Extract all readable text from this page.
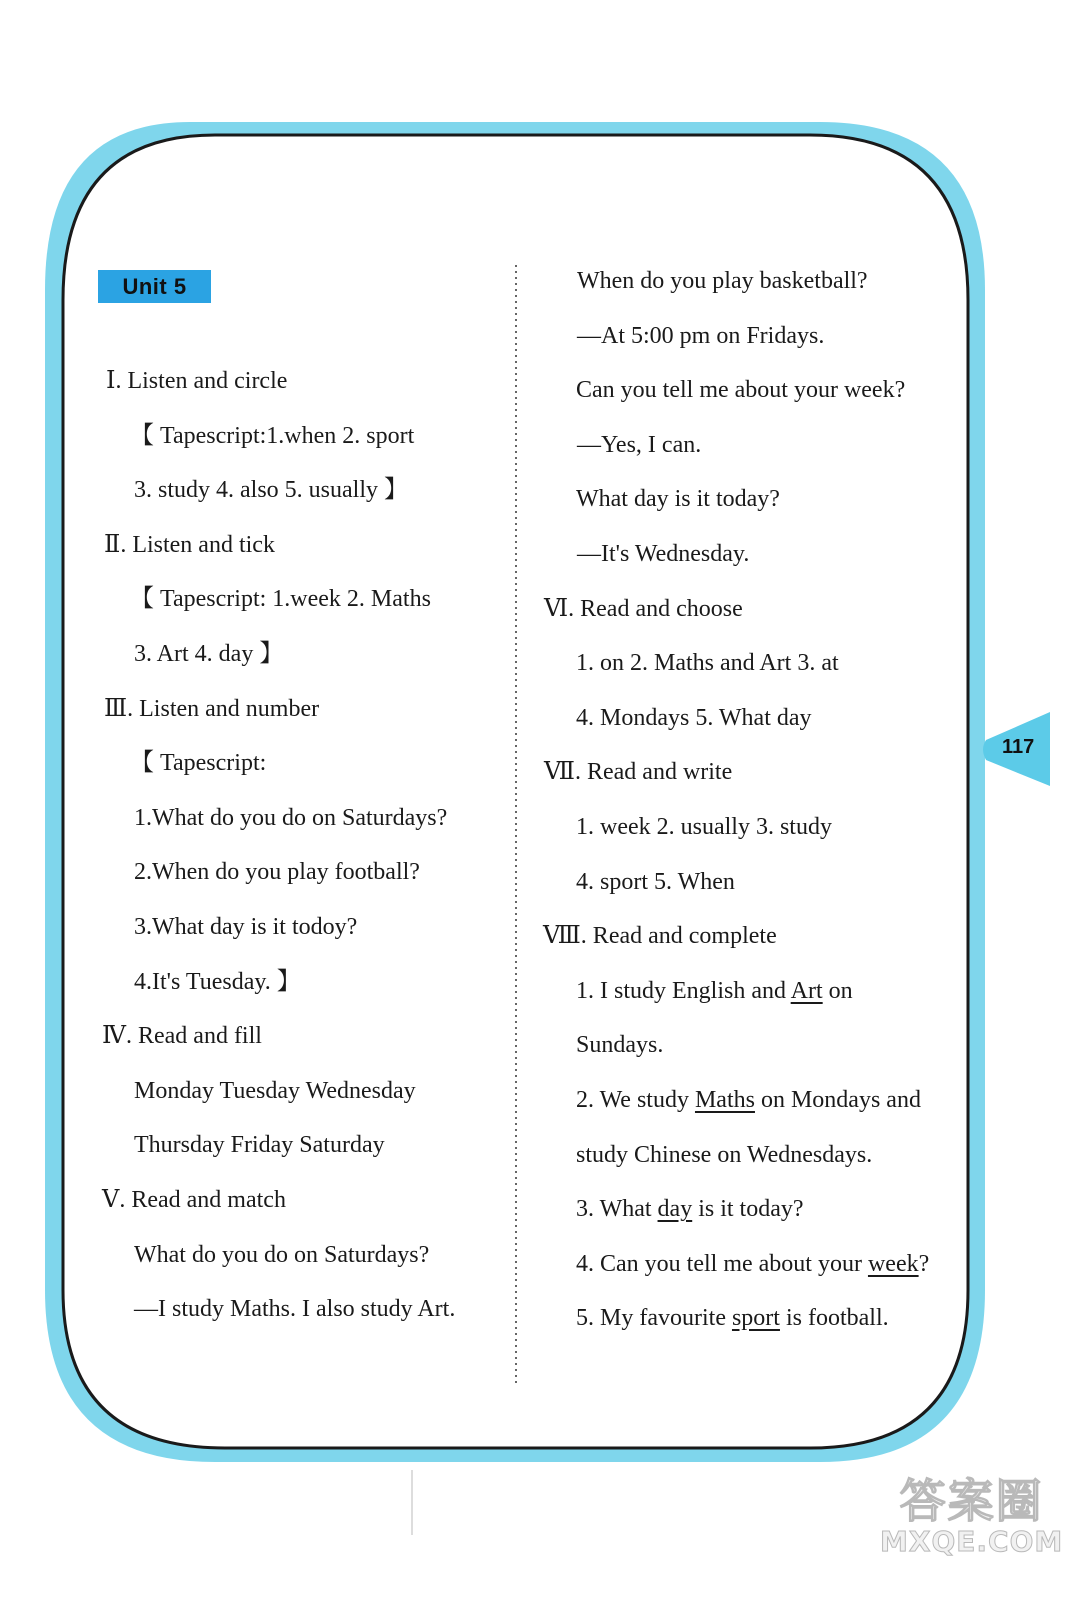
Unit 5
Ⅰ. Listen and circle
【 Tapescript:1.when 2. sport
3. study 4. also 5. usually 】
Ⅱ. Listen and tick
【 Tapescript: 1.week 2. Maths
3. Art 4. day 】
Ⅲ. Listen and number
【 Tapescript:
1.What do you do on Saturdays?
2.When do you play football?
3.What day is it todoy?
4.It's Tuesday. 】
Ⅳ. Read and fill
Monday Tuesday Wednesday
Thursday Friday Saturday
Ⅴ. Read and match
What do you do on Saturdays?
—I study Maths. I also study Art.
When do you play basketball?
—At 5:00 pm on Fridays.
Can you tell me about your week?
—Yes, I can.
What day is it today?
—It's Wednesday.
Ⅵ. Read and choose
1. on 2. Maths and Art 3. at
4. Mondays 5. What day
Ⅶ. Read and write
1. week 2. usually 3. study
4. sport 5. When
Ⅷ. Read and complete
1. I study English and Art on
Sundays.
2. We study Maths on Mondays and
study Chinese on Wednesdays.
3. What day is it today?
4. Can you tell me about your week?
5. My favourite sport is football.
117
答案圈
MXQE.COM
